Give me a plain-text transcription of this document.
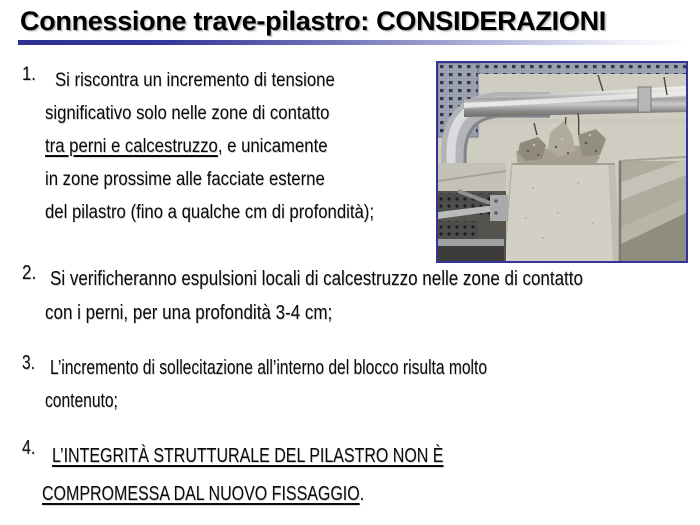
Connessione trave-pilastro: CONSIDERAZIONI
1.	Si riscontra un incremento di tensione
significativo solo nelle zone di contatto
tra perni e calcestruzzo, e unicamente
in zone prossime alle facciate esterne
del pilastro (fino a qualche cm di profondità);
2. Si verificheranno espulsioni locali di calcestruzzo nelle zone di contatto
con i perni, per una profondità 3-4 cm;
3. L’incremento di sollecitazione all’interno del blocco risulta molto
contenuto;
4. L’INTEGRITÀ STRUTTURALE DEL PILASTRO NON È
COMPROMESSA DAL NUOVO FISSAGGIO.
